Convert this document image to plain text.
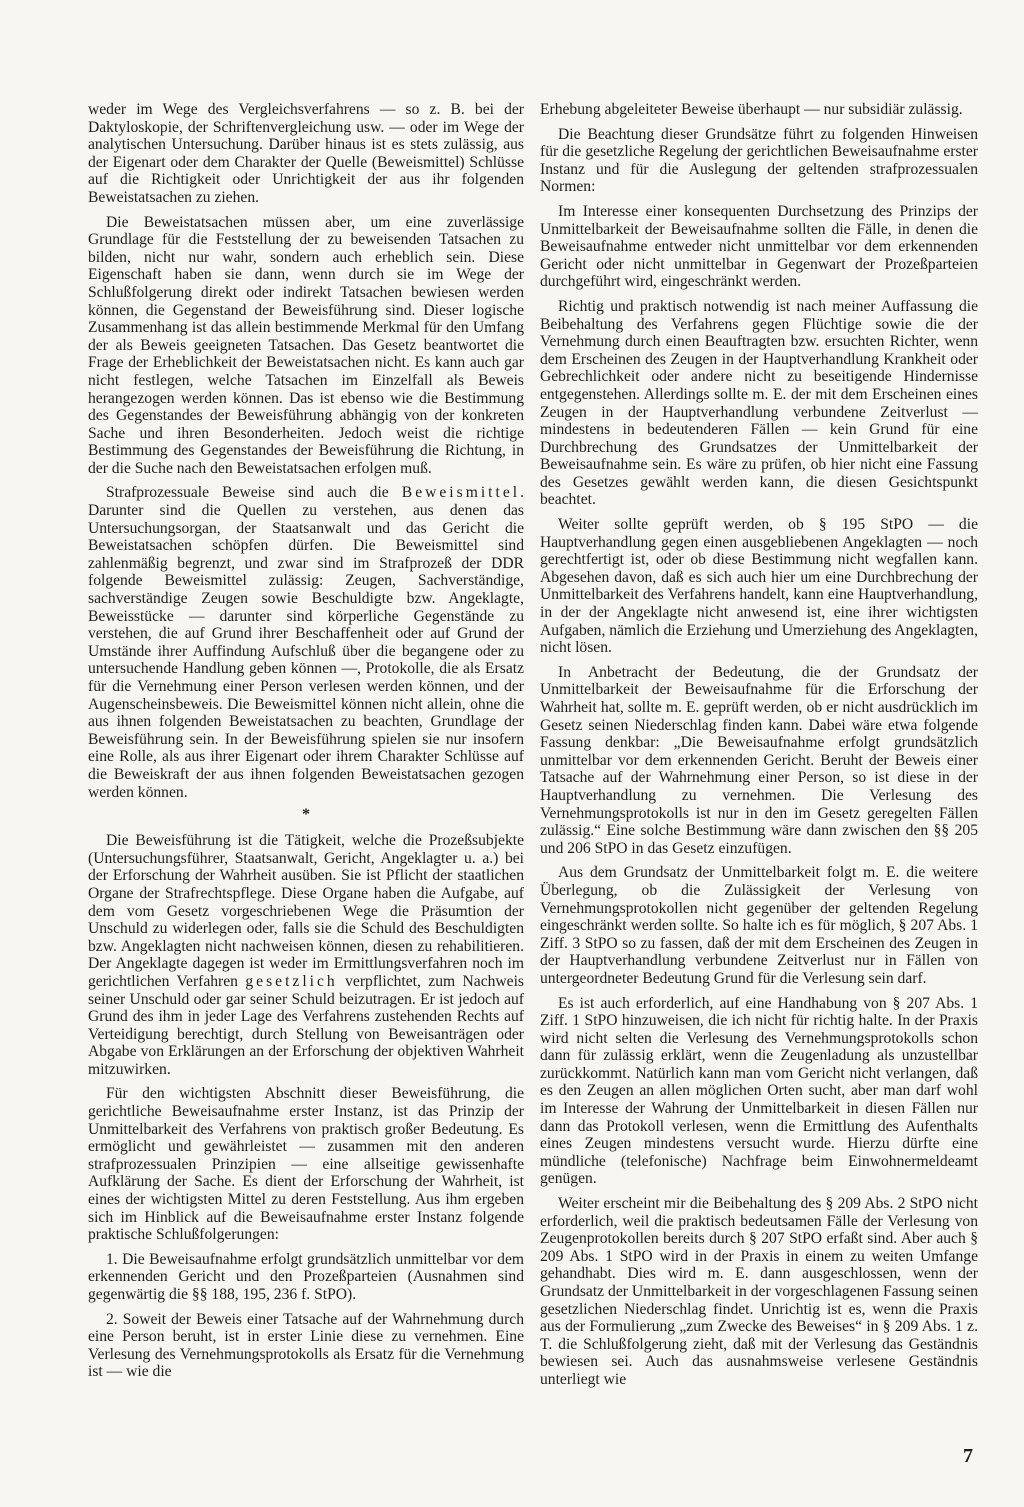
weder im Wege des Vergleichsverfahrens — so z. B. bei der Daktyloskopie, der Schriftenvergleichung usw. — oder im Wege der analytischen Untersuchung. Darüber hinaus ist es stets zulässig, aus der Eigenart oder dem Charakter der Quelle (Beweismittel) Schlüsse auf die Richtigkeit oder Unrichtigkeit der aus ihr folgenden Beweistatsachen zu ziehen.

Die Beweistatsachen müssen aber, um eine zuverlässige Grundlage für die Feststellung der zu beweisenden Tatsachen zu bilden, nicht nur wahr, sondern auch erheblich sein. Diese Eigenschaft haben sie dann, wenn durch sie im Wege der Schlußfolgerung direkt oder indirekt Tatsachen bewiesen werden können, die Gegenstand der Beweisführung sind. Dieser logische Zusammenhang ist das allein bestimmende Merkmal für den Umfang der als Beweis geeigneten Tatsachen. Das Gesetz beantwortet die Frage der Erheblichkeit der Beweistatsachen nicht. Es kann auch gar nicht festlegen, welche Tatsachen im Einzelfall als Beweis herangezogen werden können. Das ist ebenso wie die Bestimmung des Gegenstandes der Beweisführung abhängig von der konkreten Sache und ihren Besonderheiten. Jedoch weist die richtige Bestimmung des Gegenstandes der Beweisführung die Richtung, in der die Suche nach den Beweistatsachen erfolgen muß.

Strafprozessuale Beweise sind auch die Beweismittel. Darunter sind die Quellen zu verstehen, aus denen das Untersuchungsorgan, der Staatsanwalt und das Gericht die Beweistatsachen schöpfen dürfen. Die Beweismittel sind zahlenmäßig begrenzt, und zwar sind im Strafprozeß der DDR folgende Beweismittel zulässig: Zeugen, Sachverständige, sachverständige Zeugen sowie Beschuldigte bzw. Angeklagte, Beweisstücke — darunter sind körperliche Gegenstände zu verstehen, die auf Grund ihrer Beschaffenheit oder auf Grund der Umstände ihrer Auffindung Aufschluß über die begangene oder zu untersuchende Handlung geben können —, Protokolle, die als Ersatz für die Vernehmung einer Person verlesen werden können, und der Augenscheinsbeweis. Die Beweismittel können nicht allein, ohne die aus ihnen folgenden Beweistatsachen zu beachten, Grundlage der Beweisführung sein. In der Beweisführung spielen sie nur insofern eine Rolle, als aus ihrer Eigenart oder ihrem Charakter Schlüsse auf die Beweiskraft der aus ihnen folgenden Beweistatsachen gezogen werden können.

*

Die Beweisführung ist die Tätigkeit, welche die Prozeßsubjekte (Untersuchungsführer, Staatsanwalt, Gericht, Angeklagter u. a.) bei der Erforschung der Wahrheit ausüben. Sie ist Pflicht der staatlichen Organe der Strafrechtspflege. Diese Organe haben die Aufgabe, auf dem vom Gesetz vorgeschriebenen Wege die Präsumtion der Unschuld zu widerlegen oder, falls sie die Schuld des Beschuldigten bzw. Angeklagten nicht nachweisen können, diesen zu rehabilitieren. Der Angeklagte dagegen ist weder im Ermittlungsverfahren noch im gerichtlichen Verfahren gesetzlich verpflichtet, zum Nachweis seiner Unschuld oder gar seiner Schuld beizutragen. Er ist jedoch auf Grund des ihm in jeder Lage des Verfahrens zustehenden Rechts auf Verteidigung berechtigt, durch Stellung von Beweisanträgen oder Abgabe von Erklärungen an der Erforschung der objektiven Wahrheit mitzuwirken.

Für den wichtigsten Abschnitt dieser Beweisführung, die gerichtliche Beweisaufnahme erster Instanz, ist das Prinzip der Unmittelbarkeit des Verfahrens von praktisch großer Bedeutung. Es ermöglicht und gewährleistet — zusammen mit den anderen strafprozessualen Prinzipien — eine allseitige gewissenhafte Aufklärung der Sache. Es dient der Erforschung der Wahrheit, ist eines der wichtigsten Mittel zu deren Feststellung. Aus ihm ergeben sich im Hinblick auf die Beweisaufnahme erster Instanz folgende praktische Schlußfolgerungen:

1. Die Beweisaufnahme erfolgt grundsätzlich unmittelbar vor dem erkennenden Gericht und den Prozeßparteien (Ausnahmen sind gegenwärtig die §§ 188, 195, 236 f. StPO).

2. Soweit der Beweis einer Tatsache auf der Wahrnehmung durch eine Person beruht, ist in erster Linie diese zu vernehmen. Eine Verlesung des Vernehmungsprotokolls als Ersatz für die Vernehmung ist — wie die

Erhebung abgeleiteter Beweise überhaupt — nur subsidiär zulässig.

Die Beachtung dieser Grundsätze führt zu folgenden Hinweisen für die gesetzliche Regelung der gerichtlichen Beweisaufnahme erster Instanz und für die Auslegung der geltenden strafprozessualen Normen:

Im Interesse einer konsequenten Durchsetzung des Prinzips der Unmittelbarkeit der Beweisaufnahme sollten die Fälle, in denen die Beweisaufnahme entweder nicht unmittelbar vor dem erkennenden Gericht oder nicht unmittelbar in Gegenwart der Prozeßparteien durchgeführt wird, eingeschränkt werden.

Richtig und praktisch notwendig ist nach meiner Auffassung die Beibehaltung des Verfahrens gegen Flüchtige sowie die der Vernehmung durch einen Beauftragten bzw. ersuchten Richter, wenn dem Erscheinen des Zeugen in der Hauptverhandlung Krankheit oder Gebrechlichkeit oder andere nicht zu beseitigende Hindernisse entgegenstehen. Allerdings sollte m. E. der mit dem Erscheinen eines Zeugen in der Hauptverhandlung verbundene Zeitverlust — mindestens in bedeutenderen Fällen — kein Grund für eine Durchbrechung des Grundsatzes der Unmittelbarkeit der Beweisaufnahme sein. Es wäre zu prüfen, ob hier nicht eine Fassung des Gesetzes gewählt werden kann, die diesen Gesichtspunkt beachtet.

Weiter sollte geprüft werden, ob § 195 StPO — die Hauptverhandlung gegen einen ausgebliebenen Angeklagten — noch gerechtfertigt ist, oder ob diese Bestimmung nicht wegfallen kann. Abgesehen davon, daß es sich auch hier um eine Durchbrechung der Unmittelbarkeit des Verfahrens handelt, kann eine Hauptverhandlung, in der der Angeklagte nicht anwesend ist, eine ihrer wichtigsten Aufgaben, nämlich die Erziehung und Umerziehung des Angeklagten, nicht lösen.

In Anbetracht der Bedeutung, die der Grundsatz der Unmittelbarkeit der Beweisaufnahme für die Erforschung der Wahrheit hat, sollte m. E. geprüft werden, ob er nicht ausdrücklich im Gesetz seinen Niederschlag finden kann. Dabei wäre etwa folgende Fassung denkbar: „Die Beweisaufnahme erfolgt grundsätzlich unmittelbar vor dem erkennenden Gericht. Beruht der Beweis einer Tatsache auf der Wahrnehmung einer Person, so ist diese in der Hauptverhandlung zu vernehmen. Die Verlesung des Vernehmungsprotokolls ist nur in den im Gesetz geregelten Fällen zulässig.“ Eine solche Bestimmung wäre dann zwischen den §§ 205 und 206 StPO in das Gesetz einzufügen.

Aus dem Grundsatz der Unmittelbarkeit folgt m. E. die weitere Überlegung, ob die Zulässigkeit der Verlesung von Vernehmungsprotokollen nicht gegenüber der geltenden Regelung eingeschränkt werden sollte. So halte ich es für möglich, § 207 Abs. 1 Ziff. 3 StPO so zu fassen, daß der mit dem Erscheinen des Zeugen in der Hauptverhandlung verbundene Zeitverlust nur in Fällen von untergeordneter Bedeutung Grund für die Verlesung sein darf.

Es ist auch erforderlich, auf eine Handhabung von § 207 Abs. 1 Ziff. 1 StPO hinzuweisen, die ich nicht für richtig halte. In der Praxis wird nicht selten die Verlesung des Vernehmungsprotokolls schon dann für zulässig erklärt, wenn die Zeugenladung als unzustellbar zurückkommt. Natürlich kann man vom Gericht nicht verlangen, daß es den Zeugen an allen möglichen Orten sucht, aber man darf wohl im Interesse der Wahrung der Unmittelbarkeit in diesen Fällen nur dann das Protokoll verlesen, wenn die Ermittlung des Aufenthalts eines Zeugen mindestens versucht wurde. Hierzu dürfte eine mündliche (telefonische) Nachfrage beim Einwohnermeldeamt genügen.

Weiter erscheint mir die Beibehaltung des § 209 Abs. 2 StPO nicht erforderlich, weil die praktisch bedeutsamen Fälle der Verlesung von Zeugenprotokollen bereits durch § 207 StPO erfaßt sind. Aber auch § 209 Abs. 1 StPO wird in der Praxis in einem zu weiten Umfange gehandhabt. Dies wird m. E. dann ausgeschlossen, wenn der Grundsatz der Unmittelbarkeit in der vorgeschlagenen Fassung seinen gesetzlichen Niederschlag findet. Unrichtig ist es, wenn die Praxis aus der Formulierung „zum Zwecke des Beweises“ in § 209 Abs. 1 z. T. die Schlußfolgerung zieht, daß mit der Verlesung das Geständnis bewiesen sei. Auch das ausnahmsweise verlesene Geständnis unterliegt wie

7
